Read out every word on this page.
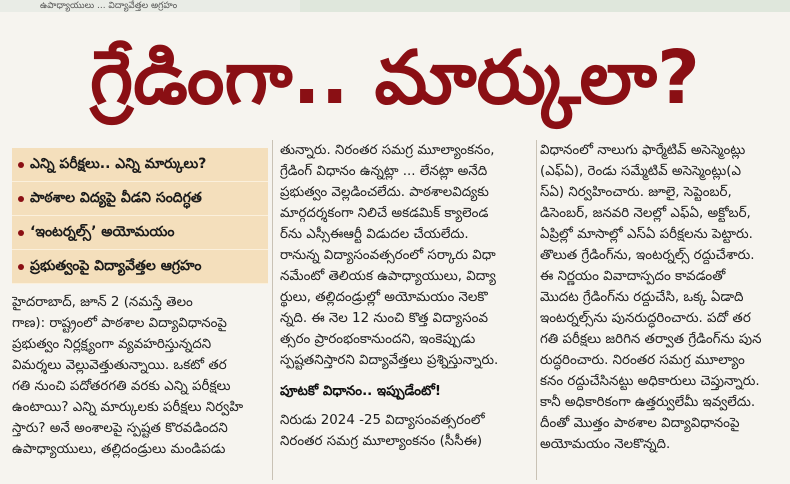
ఉపాధ్యాయులు ... విద్యావేత్తల అగ్రహం
గ్రేడింగా.. మార్కులా?
ఎన్ని పరీక్షలు.. ఎన్ని మార్కులు?
పాఠశాల విద్యపై వీడని సందిగ్ధత
‘ఇంటర్నల్స్’ అయోమయం
ప్రభుత్వంపై విద్యావేత్తల ఆగ్రహం

హైదరాబాద్, జూన్ 2 (నమస్తే తెలం

గాణ): రాష్ట్రంలో పాఠశాల విద్యావిధానంపై

ప్రభుత్వం నిర్లక్ష్యంగా వ్యవహరిస్తున్నదని

విమర్శలు వెల్లువెత్తుతున్నాయి. ఒకటో తర

గతి నుంచి పదోతరగతి వరకు ఎన్ని పరీక్షలు

ఉంటాయి? ఎన్ని మార్కులకు పరీక్షలు నిర్వహి

స్తారు? అనే అంశాలపై స్పష్టత కొరవడిందని

ఉపాధ్యాయులు, తల్లిదండ్రులు మండిపడు

తున్నారు. నిరంతర సమగ్ర మూల్యాంకనం,

గ్రేడింగ్ విధానం ఉన్నట్లా ... లేనట్లా అనేది

ప్రభుత్వం వెల్లడించలేదు. పాఠశాలవిద్యకు

మార్గదర్శకంగా నిలిచే అకడమిక్ క్యాలెండ

ర్‌ను ఎస్సీఈఆర్టీ విడుదల చేయలేదు.

రానున్న విద్యాసంవత్సరంలో సర్కారు విధా

నమేంటో తెలియక ఉపాధ్యాయులు, విద్యా

ర్థులు, తల్లిదండ్రుల్లో అయోమయం నెలకొ

న్నది. ఈ నెల 12 నుంచి కొత్త విద్యాసంవ

త్సరం ప్రారంభంకానుందని, ఇంకెప్పుడు

స్పష్టతనిస్తారని విద్యావేత్తలు ప్రశ్నిస్తున్నారు.

పూటకో విధానం.. ఇప్పుడేంటో!

నిరుడు 2024 -25 విద్యాసంవత్సరంలో

నిరంతర సమగ్ర మూల్యాంకనం (సీసీఈ)

విధానంలో నాలుగు ఫార్మేటివ్ అసెస్మెంట్లు

(ఎఫ్ఏ), రెండు సమ్మేటివ్ అసెస్మెంట్లు(ఎ

స్ఏ) నిర్వహించారు. జూలై, సెప్టెంబర్,

డిసెంబర్, జనవరి నెలల్లో ఎఫ్ఏ, అక్టోబర్,

ఏప్రిల్లో మాసాల్లో ఎస్ఏ పరీక్షలను పెట్టారు.

తొలుత గ్రేడింగ్‌ను, ఇంటర్నల్స్ రద్దుచేశారు.

ఈ నిర్ణయం వివాదాస్పదం కావడంతో

మొదట గ్రేడింగ్‌ను రద్దుచేసి, ఒక్క ఏడాది

ఇంటర్నల్స్‌ను పునరుద్ధరించారు. పదో తర

గతి పరీక్షలు జరిగిన తర్వాత గ్రేడింగ్‌ను పున

రుద్ధరించారు. నిరంతర సమగ్ర మూల్యాం

కనం రద్దుచేసినట్టు అధికారులు చెప్తున్నారు.

కానీ అధికారికంగా ఉత్తర్వులేమీ ఇవ్వలేదు.

దీంతో మొత్తం పాఠశాల విద్యావిధానంపై

అయోమయం నెలకొన్నది.
